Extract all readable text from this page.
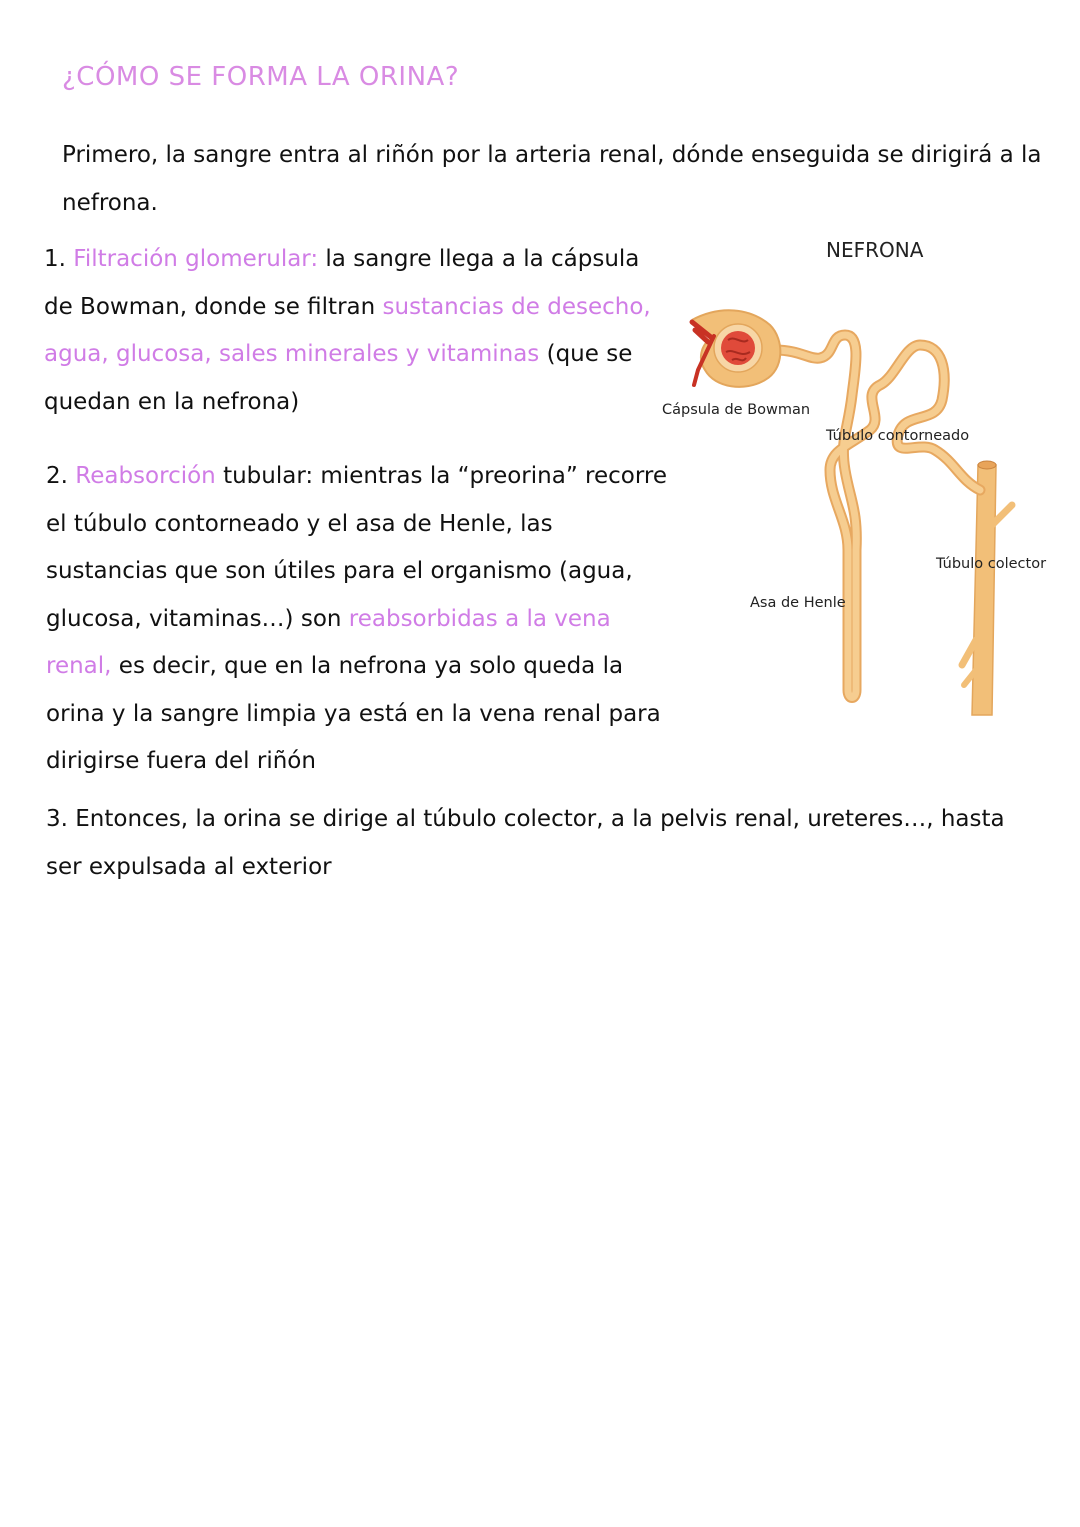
¿CÓMO SE FORMA LA ORINA?
Primero, la sangre entra al riñón por la arteria renal, dónde enseguida se dirigirá a la nefrona.
1. Filtración glomerular: la sangre llega a la cápsula de Bowman, donde se filtran sustancias de desecho, agua, glucosa, sales minerales y vitaminas (que se quedan en la nefrona)
2. Reabsorción tubular: mientras la “preorina” recorre el túbulo contorneado y el asa de Henle, las sustancias que son útiles para el organismo (agua, glucosa, vitaminas…) son reabsorbidas a la vena renal, es decir, que en la nefrona ya solo queda la orina y la sangre limpia ya está en la vena renal para dirigirse fuera del riñón
3. Entonces, la orina se dirige al túbulo colector, a la pelvis renal, ureteres…, hasta ser expulsada al exterior
NEFRONA
Cápsula de Bowman
Túbulo contorneado
Túbulo colector
Asa de Henle
